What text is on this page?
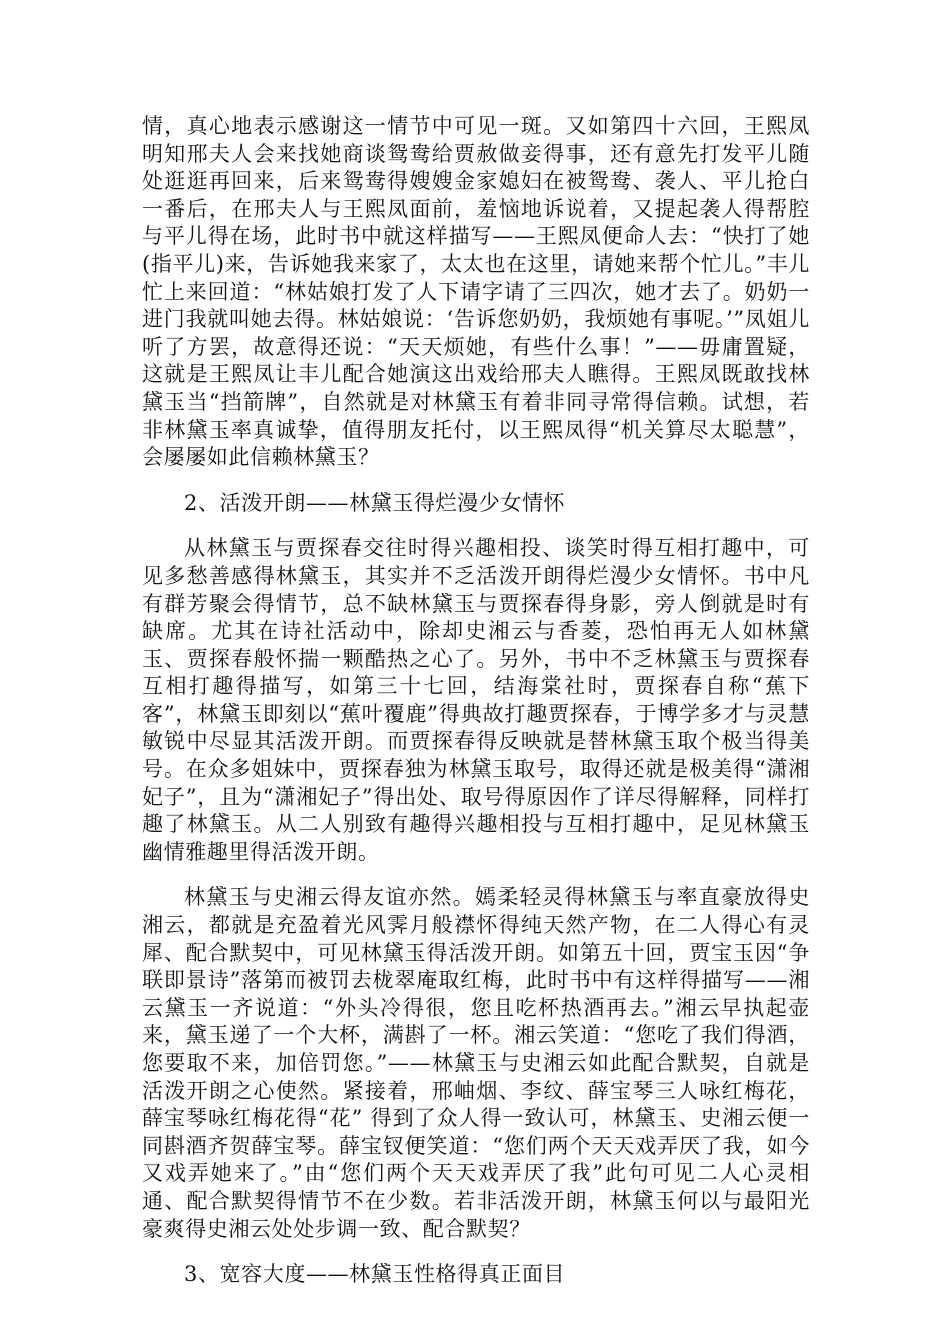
情，真心地表示感谢这一情节中可见一斑。又如第四十六回，王熙凤明知邢夫人会来找她商谈鸳鸯给贾赦做妾得事，还有意先打发平儿随处逛逛再回来，后来鸳鸯得嫂嫂金家媳妇在被鸳鸯、袭人、平儿抢白一番后，在邢夫人与王熙凤面前，羞恼地诉说着，又提起袭人得帮腔与平儿得在场，此时书中就这样描写——王熙凤便命人去：“快打了她(指平儿)来，告诉她我来家了，太太也在这里，请她来帮个忙儿。”丰儿忙上来回道：“林姑娘打发了人下请字请了三四次，她才去了。奶奶一进门我就叫她去得。林姑娘说：‘告诉您奶奶，我烦她有事呢。’”凤姐儿听了方罢，故意得还说：“天天烦她，有些什么事！”——毋庸置疑，这就是王熙凤让丰儿配合她演这出戏给邢夫人瞧得。王熙凤既敢找林黛玉当“挡箭牌”，自然就是对林黛玉有着非同寻常得信赖。试想，若非林黛玉率真诚挚，值得朋友托付，以王熙凤得“机关算尽太聪慧”，会屡屡如此信赖林黛玉？

2、活泼开朗——林黛玉得烂漫少女情怀

从林黛玉与贾探春交往时得兴趣相投、谈笑时得互相打趣中，可见多愁善感得林黛玉，其实并不乏活泼开朗得烂漫少女情怀。书中凡有群芳聚会得情节，总不缺林黛玉与贾探春得身影，旁人倒就是时有缺席。尤其在诗社活动中，除却史湘云与香菱，恐怕再无人如林黛玉、贾探春般怀揣一颗酷热之心了。另外，书中不乏林黛玉与贾探春互相打趣得描写，如第三十七回，结海棠社时，贾探春自称“蕉下客”，林黛玉即刻以“蕉叶覆鹿”得典故打趣贾探春，于博学多才与灵慧敏锐中尽显其活泼开朗。而贾探春得反映就是替林黛玉取个极当得美号。在众多姐妹中，贾探春独为林黛玉取号，取得还就是极美得“潇湘妃子”，且为“潇湘妃子”得出处、取号得原因作了详尽得解释，同样打趣了林黛玉。从二人别致有趣得兴趣相投与互相打趣中，足见林黛玉幽情雅趣里得活泼开朗。

林黛玉与史湘云得友谊亦然。嫣柔轻灵得林黛玉与率直豪放得史湘云，都就是充盈着光风霁月般襟怀得纯天然产物，在二人得心有灵犀、配合默契中，可见林黛玉得活泼开朗。如第五十回，贾宝玉因“争联即景诗”落第而被罚去栊翠庵取红梅，此时书中有这样得描写——湘云黛玉一齐说道：“外头冷得很，您且吃杯热酒再去。”湘云早执起壶来，黛玉递了一个大杯，满斟了一杯。湘云笑道：“您吃了我们得酒，您要取不来，加倍罚您。”——林黛玉与史湘云如此配合默契，自就是活泼开朗之心使然。紧接着，邢岫烟、李纹、薛宝琴三人咏红梅花，薛宝琴咏红梅花得“花” 得到了众人得一致认可，林黛玉、史湘云便一同斟酒齐贺薛宝琴。薛宝钗便笑道：“您们两个天天戏弄厌了我，如今又戏弄她来了。”由“您们两个天天戏弄厌了我”此句可见二人心灵相通、配合默契得情节不在少数。若非活泼开朗，林黛玉何以与最阳光豪爽得史湘云处处步调一致、配合默契？

3、宽容大度——林黛玉性格得真正面目
